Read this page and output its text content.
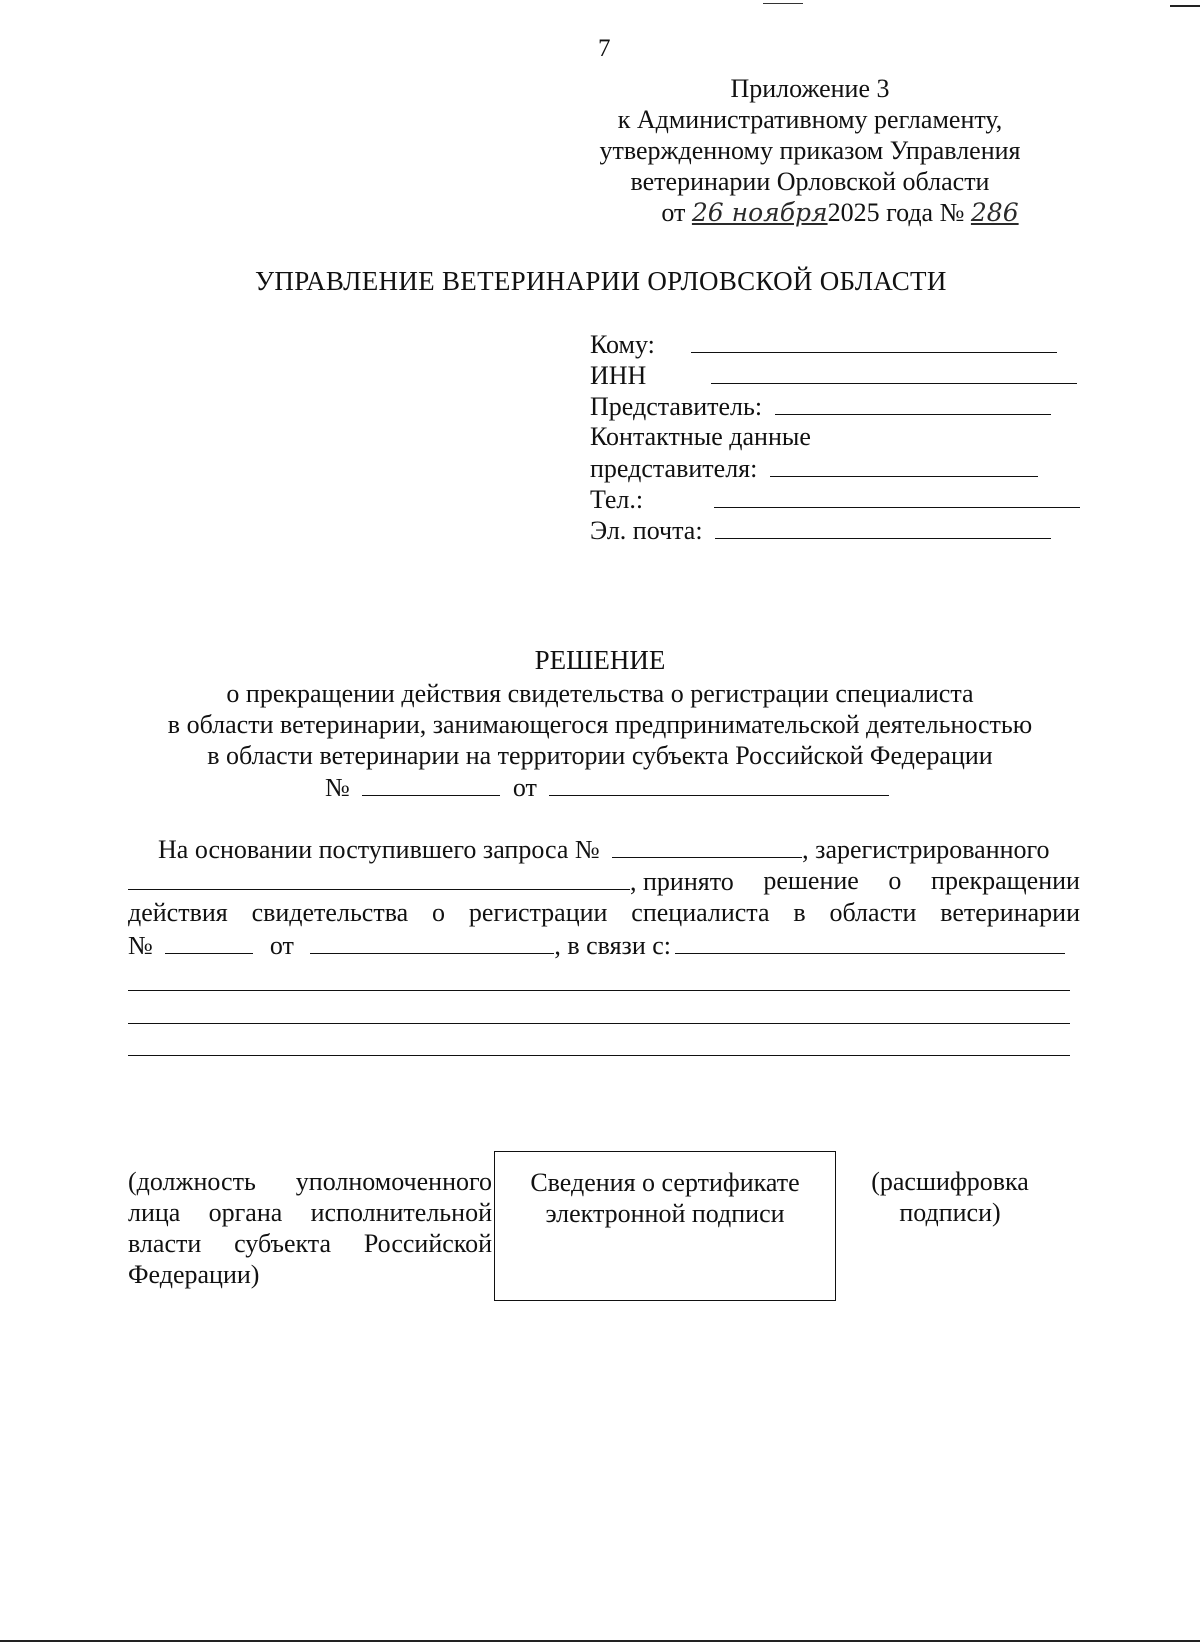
7
Приложение 3
к Административному регламенту,
утвержденному приказом Управления
ветеринарии Орловской области
от 26 ноября2025 года № 286
УПРАВЛЕНИЕ ВЕТЕРИНАРИИ ОРЛОВСКОЙ ОБЛАСТИ
Кому:
ИНН
Представитель:
Контактные данные
представителя:
Тел.:
Эл. почта:
РЕШЕНИЕ
о прекращении действия свидетельства о регистрации специалиста
в области ветеринарии, занимающегося предпринимательской деятельностью
в области ветеринарии на территории субъекта Российской Федерации
№	от
На основании поступившего запроса №	, зарегистрированного
, принято решение о прекращении
действия свидетельства о регистрации специалиста в области ветеринарии
№	от	, в связи с:
(должность уполномоченного лица органа исполнительной власти субъекта Российской Федерации)
Сведения о сертификате
электронной подписи
(расшифровка
подписи)
